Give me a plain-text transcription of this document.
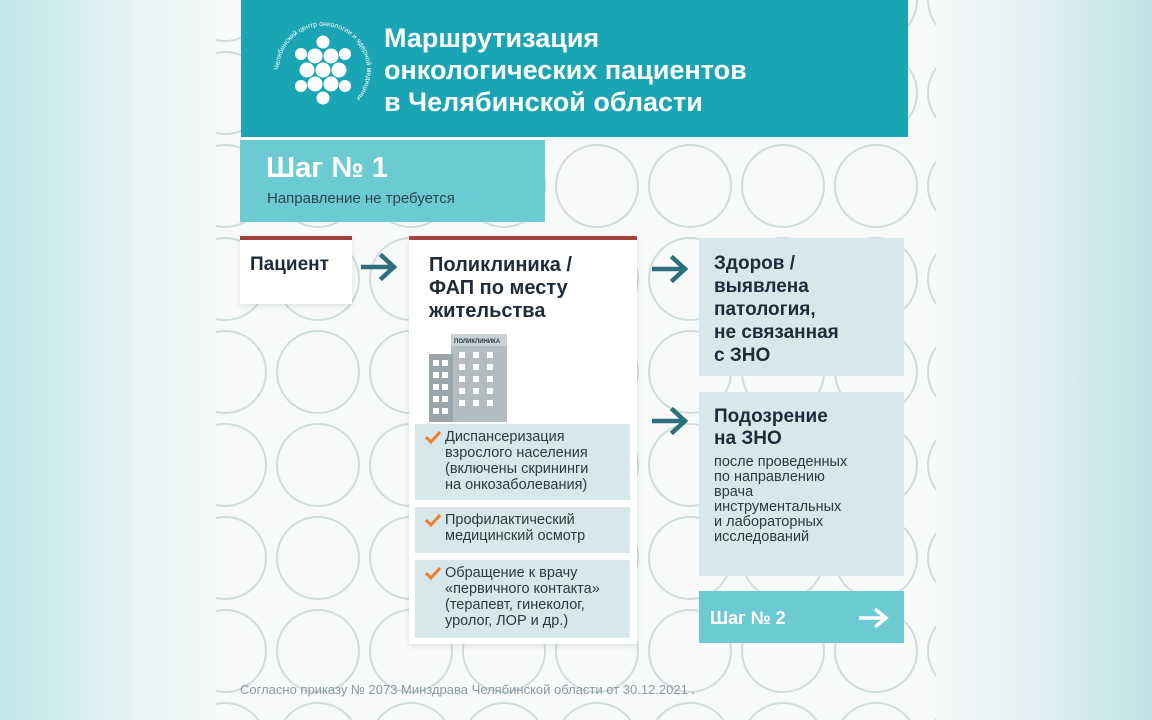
Челябинский центр онкологии и ядерной медицины
Маршрутизация
онкологических пациентов
в Челябинской области
Шаг № 1
Направление не требуется
Пациент	Поликлиника /
ФАП по месту
жительства
ПОЛИКЛИНИКА
Диспансеризация
взрослого населения
(включены скрининги
на онкозаболевания)
Профилактический
медицинский осмотр
Обращение к врачу
«первичного контакта»
(терапевт, гинеколог,
уролог, ЛОР и др.)
Здоров /
выявлена
патология,
не связанная
с ЗНО
Подозрение
на ЗНО
после проведенных
по направлению
врача
инструментальных
и лабораторных
исследований
Шаг № 2
Согласно приказу № 2073 Минздрава Челябинской области от 30.12.2021 .
